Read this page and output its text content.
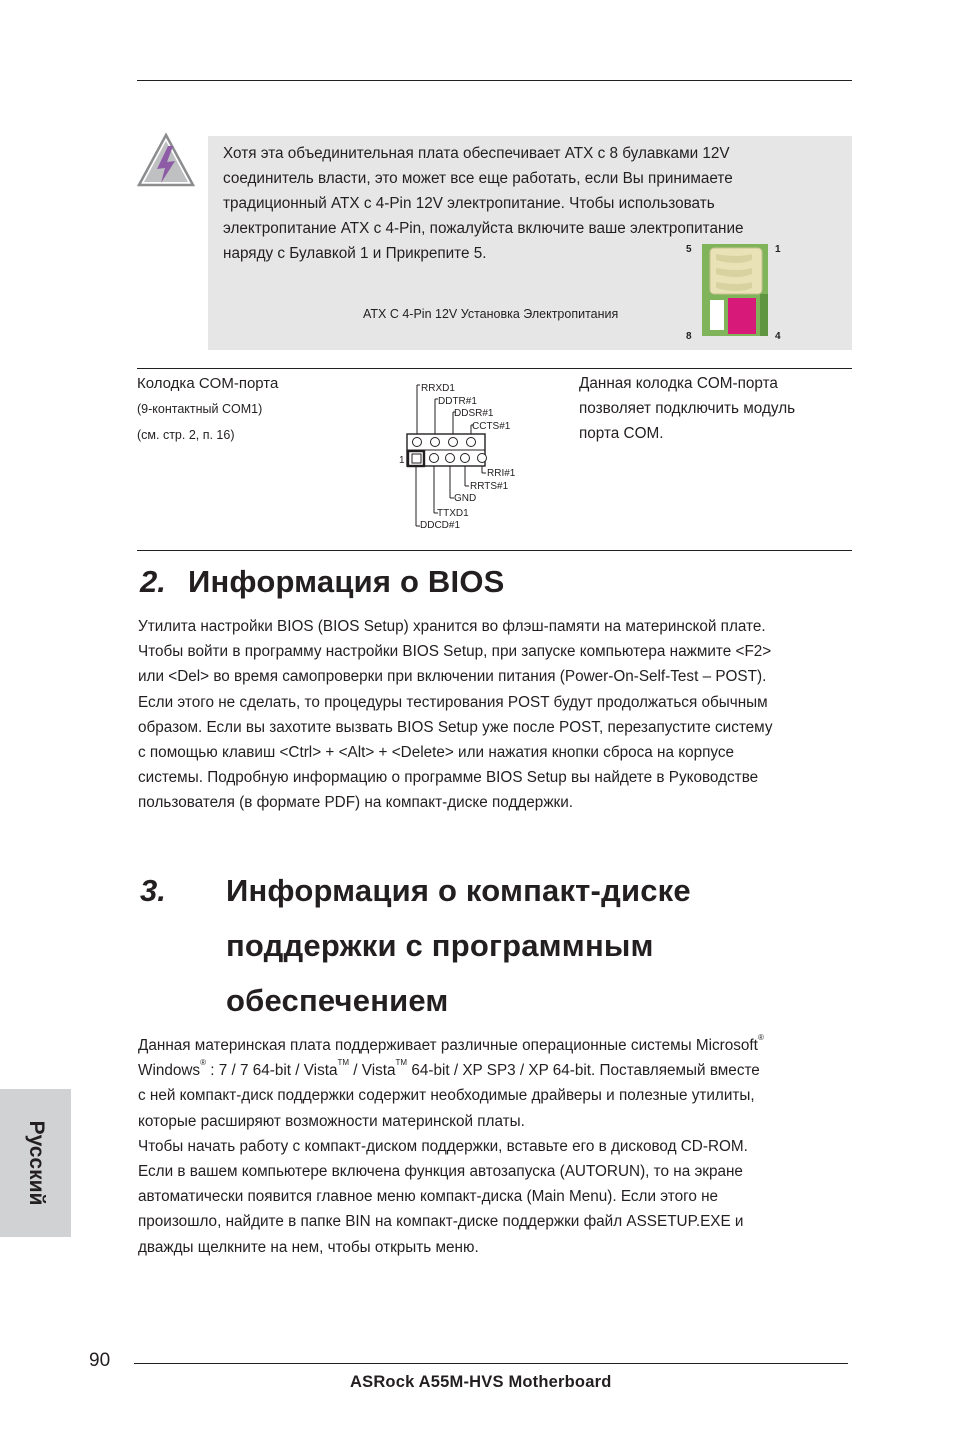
Хотя эта объединительная плата обеспечивает ATX с 8 булавками 12V
соединитель власти, это может все еще работать, если Вы принимаете
традиционный ATX с 4-Pin 12V электропитание. Чтобы использовать
электропитание ATX с 4-Pin, пожалуйста включите ваше электропитание
наряду с Булавкой 1 и Прикрепите 5.
ATX С 4-Pin 12V Установка Электропитания
5	1
8	4
Колодка COM-порта
(9-контактный COM1)
(см. стр. 2, п. 16)
RRXD1
DDTR#1
DDSR#1
CCTS#1
1
RRI#1
RRTS#1
GND
TTXD1
DDCD#1
Данная колодка COM-порта
позволяет подключить модуль
порта COM.
2. Информация о BIOS
Утилита настройки BIOS (BIOS Setup) хранится во флэш-памяти на материнской плате.
Чтобы войти в программу настройки BIOS Setup, при запуске компьютера нажмите <F2>
или <Del> во время самопроверки при включении питания (Power-On-Self-Test – POST).
Если этого не сделать, то процедуры тестирования POST будут продолжаться обычным
образом. Если вы захотите вызвать BIOS Setup уже после POST, перезапустите систему
с помощью клавиш <Ctrl> + <Alt> + <Delete> или нажатия кнопки сброса на корпусе
системы. Подробную информацию о программе BIOS Setup вы найдете в Руководстве
пользователя (в формате PDF) на компакт-диске поддержки.
3. Информация о компакт-диске
поддержки с программным
обеспечением
Данная материнская плата поддерживает различные операционные системы Microsoft®
Windows® : 7 / 7 64-bit / Vista™ / Vista™ 64-bit / XP SP3 / XP 64-bit. Поставляемый вместе
с ней компакт-диск поддержки содержит необходимые драйверы и полезные утилиты,
которые расширяют возможности материнской платы.
Чтобы начать работу с компакт-диском поддержки, вставьте его в дисковод CD-ROM.
Если в вашем компьютере включена функция автозапуска (AUTORUN), то на экране
автоматически появится главное меню компакт-диска (Main Menu). Если этого не
произошло, найдите в папке BIN на компакт-диске поддержки файл ASSETUP.EXE и
дважды щелкните на нем, чтобы открыть меню.
Русский
90
ASRock A55M-HVS Motherboard
